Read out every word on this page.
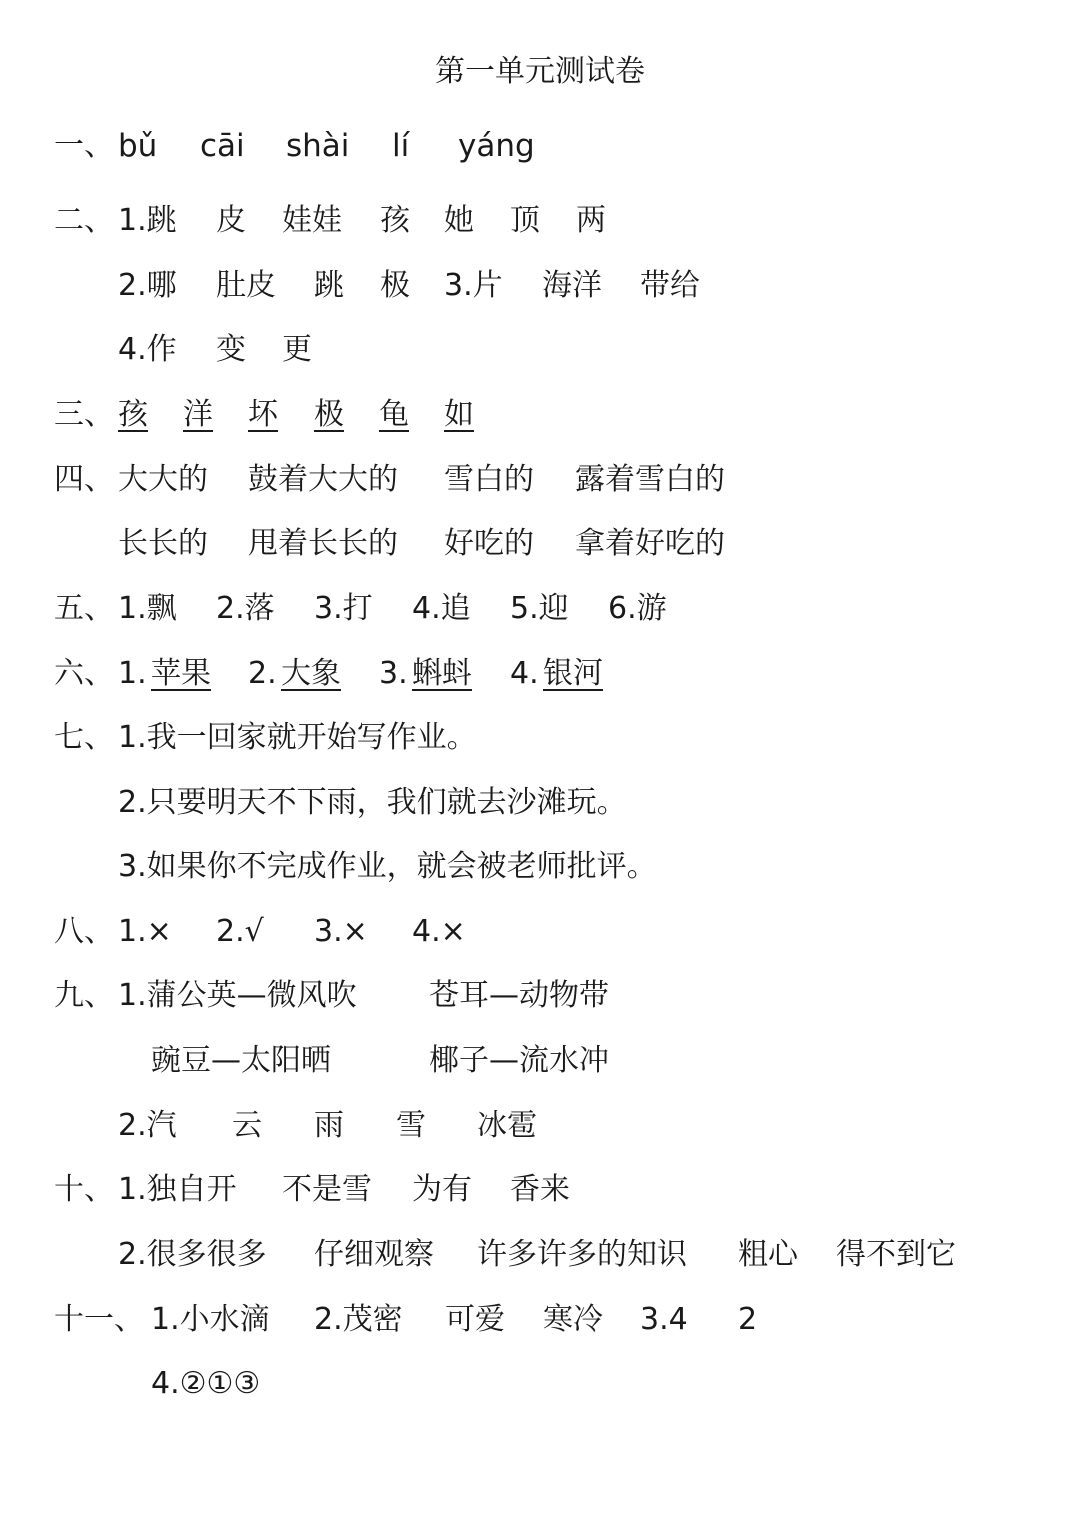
第一单元测试卷
一、 bǔ cāi shài lí yáng
二、 1.跳 皮 娃娃 孩 她 顶 两
2.哪 肚皮 跳 极 3.片 海洋 带给
4.作 变 更
三、 孩 洋 坏 极 龟 如
四、 大大的 鼓着大大的 雪白的 露着雪白的
长长的 甩着长长的 好吃的 拿着好吃的
五、 1.飘 2.落 3.打 4.追 5.迎 6.游
六、 1. 苹果 2. 大象 3. 蝌蚪 4. 银河
七、 1.我一回家就开始写作业。
2.只要明天不下雨，我们就去沙滩玩。
3.如果你不完成作业，就会被老师批评。
八、 1.× 2.√ 3.× 4.×
九、 1.蒲公英—微风吹 苍耳—动物带
豌豆—太阳晒	椰子—流水冲
2.汽 云 雨 雪 冰雹
十、 1.独自开 不是雪 为有 香来
2.很多很多 仔细观察 许多许多的知识 粗心 得不到它
十一、 1.小水滴 2.茂密 可爱 寒冷 3.4 2
4.②①③
